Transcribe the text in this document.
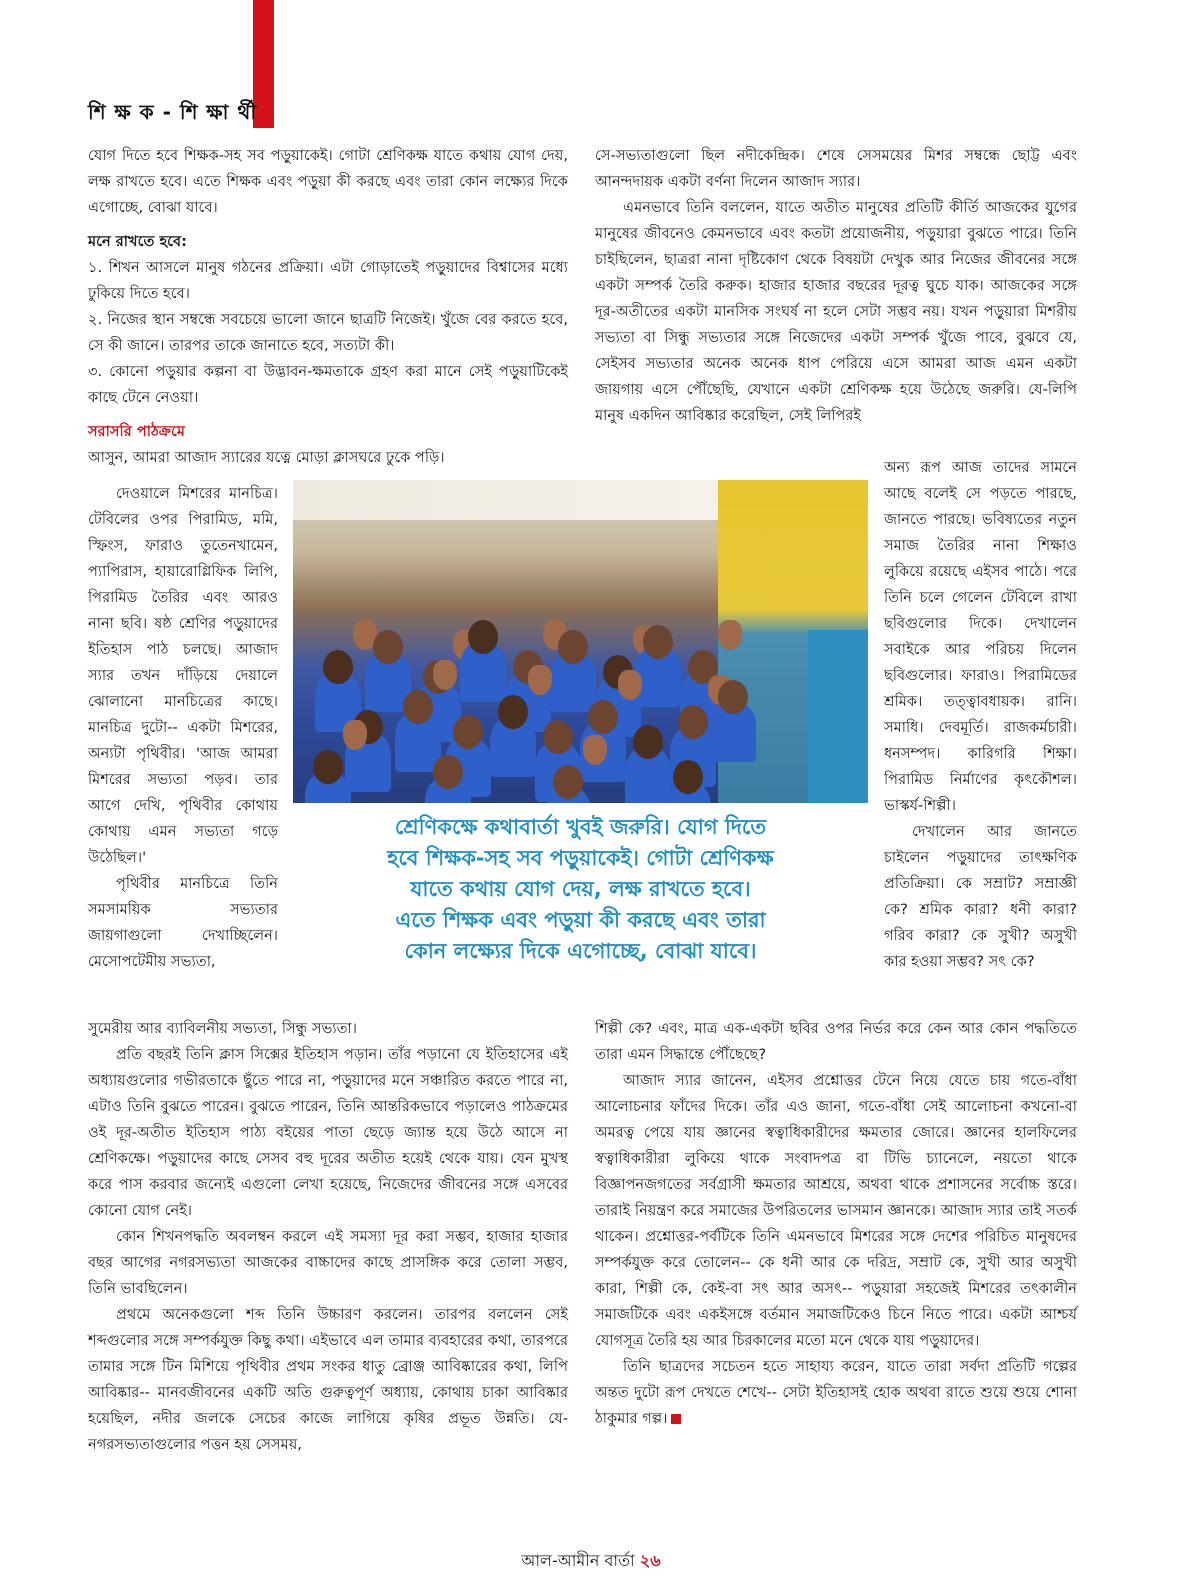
শি ক্ষ ক - শি ক্ষা র্থী

যোগ দিতে হবে শিক্ষক-সহ সব পড়ুয়াকেই। গোটা শ্রেণিকক্ষ যাতে কথায় যোগ দেয়, লক্ষ রাখতে হবে। এতে শিক্ষক এবং পড়ুয়া কী করছে এবং তারা কোন লক্ষ্যের দিকে এগোচ্ছে, বোঝা যাবে।

মনে রাখতে হবে:

১. শিখন আসলে মানুষ গঠনের প্রক্রিয়া। এটা গোড়াতেই পড়ুয়াদের বিশ্বাসের মধ্যে ঢুকিয়ে দিতে হবে।

২. নিজের স্থান সম্বন্ধে সবচেয়ে ভালো জানে ছাত্রটি নিজেই। খুঁজে বের করতে হবে, সে কী জানে। তারপর তাকে জানাতে হবে, সত্যটা কী।

৩. কোনো পড়ুয়ার কল্পনা বা উদ্ভাবন-ক্ষমতাকে গ্রহণ করা মানে সেই পড়ুয়াটিকেই কাছে টেনে নেওয়া।

সরাসরি পাঠক্রমে

আসুন, আমরা আজাদ স্যারের যত্নে মোড়া ক্লাসঘরে ঢুকে পড়ি।

দেওয়ালে মিশরের মানচিত্র। টেবিলের ওপর পিরামিড, মমি, স্ফিংস, ফারাও তুতেনখামেন, প্যাপিরাস, হায়ারোগ্লিফিক লিপি, পিরামিড তৈরির এবং আরও নানা ছবি। ষষ্ঠ শ্রেণির পড়ুয়াদের ইতিহাস পাঠ চলছে। আজাদ স্যার তখন দাঁড়িয়ে দেয়ালে ঝোলানো মানচিত্রের কাছে। মানচিত্র দুটো-- একটা মিশরের, অন্যটা পৃথিবীর। 'আজ আমরা মিশরের সভ্যতা পড়ব। তার আগে দেখি, পৃথিবীর কোথায় কোথায় এমন সভ্যতা গড়ে উঠেছিল।'

পৃথিবীর মানচিত্রে তিনি সমসাময়িক সভ্যতার জায়গাগুলো দেখাচ্ছিলেন। মেসোপটেমীয় সভ্যতা,

শ্রেণিকক্ষে কথাবার্তা খুবই জরুরি। যোগ দিতে
হবে শিক্ষক-সহ সব পড়ুয়াকেই। গোটা শ্রেণিকক্ষ
যাতে কথায় যোগ দেয়, লক্ষ রাখতে হবে।
এতে শিক্ষক এবং পড়ুয়া কী করছে এবং তারা
কোন লক্ষ্যের দিকে এগোচ্ছে, বোঝা যাবে।

সুমেরীয় আর ব্যাবিলনীয় সভ্যতা, সিন্ধু সভ্যতা।

প্রতি বছরই তিনি ক্লাস সিক্সের ইতিহাস পড়ান। তাঁর পড়ানো যে ইতিহাসের এই অধ্যায়গুলোর গভীরতাকে ছুঁতে পারে না, পড়ুয়াদের মনে সঞ্চারিত করতে পারে না, এটাও তিনি বুঝতে পারেন। বুঝতে পারেন, তিনি আন্তরিকভাবে পড়ালেও পাঠক্রমের ওই দূর-অতীত ইতিহাস পাঠ্য বইয়ের পাতা ছেড়ে জ্যান্ত হয়ে উঠে আসে না শ্রেণিকক্ষে। পড়ুয়াদের কাছে সেসব বহু দূরের অতীত হয়েই থেকে যায়। যেন মুখস্থ করে পাস করবার জন্যেই এগুলো লেখা হয়েছে, নিজেদের জীবনের সঙ্গে এসবের কোনো যোগ নেই।

কোন শিখনপদ্ধতি অবলম্বন করলে এই সমস্যা দূর করা সম্ভব, হাজার হাজার বছর আগের নগরসভ্যতা আজকের বাচ্চাদের কাছে প্রাসঙ্গিক করে তোলা সম্ভব, তিনি ভাবছিলেন।

প্রথমে অনেকগুলো শব্দ তিনি উচ্চারণ করলেন। তারপর বললেন সেই শব্দগুলোর সঙ্গে সম্পর্কযুক্ত কিছু কথা। এইভাবে এল তামার ব্যবহারের কথা, তারপরে তামার সঙ্গে টিন মিশিয়ে পৃথিবীর প্রথম সংকর ধাতু ব্রোঞ্জ আবিষ্কারের কথা, লিপি আবিষ্কার-- মানবজীবনের একটি অতি গুরুত্বপূর্ণ অধ্যায়, কোথায় চাকা আবিষ্কার হয়েছিল, নদীর জলকে সেচের কাজে লাগিয়ে কৃষির প্রভূত উন্নতি। যে-নগরসভ্যতাগুলোর পত্তন হয় সেসময়,

সে-সভ্যতাগুলো ছিল নদীকেন্দ্রিক। শেষে সেসময়ের মিশর সম্বন্ধে ছোট্ট এবং আনন্দদায়ক একটা বর্ণনা দিলেন আজাদ স্যার।

এমনভাবে তিনি বললেন, যাতে অতীত মানুষের প্রতিটি কীর্তি আজকের যুগের মানুষের জীবনেও কেমনভাবে এবং কতটা প্রয়োজনীয়, পড়ুয়ারা বুঝতে পারে। তিনি চাইছিলেন, ছাত্ররা নানা দৃষ্টিকোণ থেকে বিষয়টা দেখুক আর নিজের জীবনের সঙ্গে একটা সম্পর্ক তৈরি করুক। হাজার হাজার বছরের দূরত্ব ঘুচে যাক। আজকের সঙ্গে দূর-অতীতের একটা মানসিক সংঘর্ষ না হলে সেটা সম্ভব নয়। যখন পড়ুয়ারা মিশরীয় সভ্যতা বা সিন্ধু সভ্যতার সঙ্গে নিজেদের একটা সম্পর্ক খুঁজে পাবে, বুঝবে যে, সেইসব সভ্যতার অনেক অনেক ধাপ পেরিয়ে এসে আমরা আজ এমন একটা জায়গায় এসে পৌঁছেছি, যেখানে একটা শ্রেণিকক্ষ হয়ে উঠেছে জরুরি। যে-লিপি মানুষ একদিন আবিষ্কার করেছিল, সেই লিপিরই

অন্য রূপ আজ তাদের সামনে আছে বলেই সে পড়তে পারছে, জানতে পারছে। ভবিষ্যতের নতুন সমাজ তৈরির নানা শিক্ষাও লুকিয়ে রয়েছে এইসব পাঠে। পরে তিনি চলে গেলেন টেবিলে রাখা ছবিগুলোর দিকে। দেখালেন সবাইকে আর পরিচয় দিলেন ছবিগুলোর। ফারাও। পিরামিডের শ্রমিক। তত্ত্বাবধায়ক। রানি। সমাধি। দেবমূর্তি। রাজকর্মচারী। ধনসম্পদ। কারিগরি শিক্ষা। পিরামিড নির্মাণের কৃৎকৌশল। ভাস্কর্য-শিল্পী।

দেখালেন আর জানতে চাইলেন পড়ুয়াদের তাৎক্ষণিক প্রতিক্রিয়া। কে সম্রাট? সম্রাজ্ঞী কে? শ্রমিক কারা? ধনী কারা? গরিব কারা? কে সুখী? অসুখী কার হওয়া সম্ভব? সৎ কে?

শিল্পী কে? এবং, মাত্র এক-একটা ছবির ওপর নির্ভর করে কেন আর কোন পদ্ধতিতে তারা এমন সিদ্ধান্তে পৌঁছেছে?

আজাদ স্যার জানেন, এইসব প্রশ্নোত্তর টেনে নিয়ে যেতে চায় গতে-বাঁধা আলোচনার ফাঁদের দিকে। তাঁর এও জানা, গতে-বাঁধা সেই আলোচনা কখনো-বা অমরত্ব পেয়ে যায় জ্ঞানের স্বত্বাধিকারীদের ক্ষমতার জোরে। জ্ঞানের হালফিলের স্বত্বাধিকারীরা লুকিয়ে থাকে সংবাদপত্র বা টিভি চ্যানেলে, নয়তো থাকে বিজ্ঞাপনজগতের সর্বগ্রাসী ক্ষমতার আশ্রয়ে, অথবা থাকে প্রশাসনের সর্বোচ্চ স্তরে। তারাই নিয়ন্ত্রণ করে সমাজের উপরিতলের ভাসমান জ্ঞানকে। আজাদ স্যার তাই সতর্ক থাকেন। প্রশ্নোত্তর-পর্বটিকে তিনি এমনভাবে মিশরের সঙ্গে দেশের পরিচিত মানুষদের সম্পর্কযুক্ত করে তোলেন-- কে ধনী আর কে দরিদ্র, সম্রাট কে, সুখী আর অসুখী কারা, শিল্পী কে, কেই-বা সৎ আর অসৎ-- পড়ুয়ারা সহজেই মিশরের তৎকালীন সমাজটিকে এবং একইসঙ্গে বর্তমান সমাজটিকেও চিনে নিতে পারে। একটা আশ্চর্য যোগসূত্র তৈরি হয় আর চিরকালের মতো মনে থেকে যায় পড়ুয়াদের।

তিনি ছাত্রদের সচেতন হতে সাহায্য করেন, যাতে তারা সর্বদা প্রতিটি গল্পের অন্তত দুটো রূপ দেখতে শেখে-- সেটা ইতিহাসই হোক অথবা রাতে শুয়ে শুয়ে শোনা ঠাকুমার গল্প।

আল-আমীন বার্তা ২৬
